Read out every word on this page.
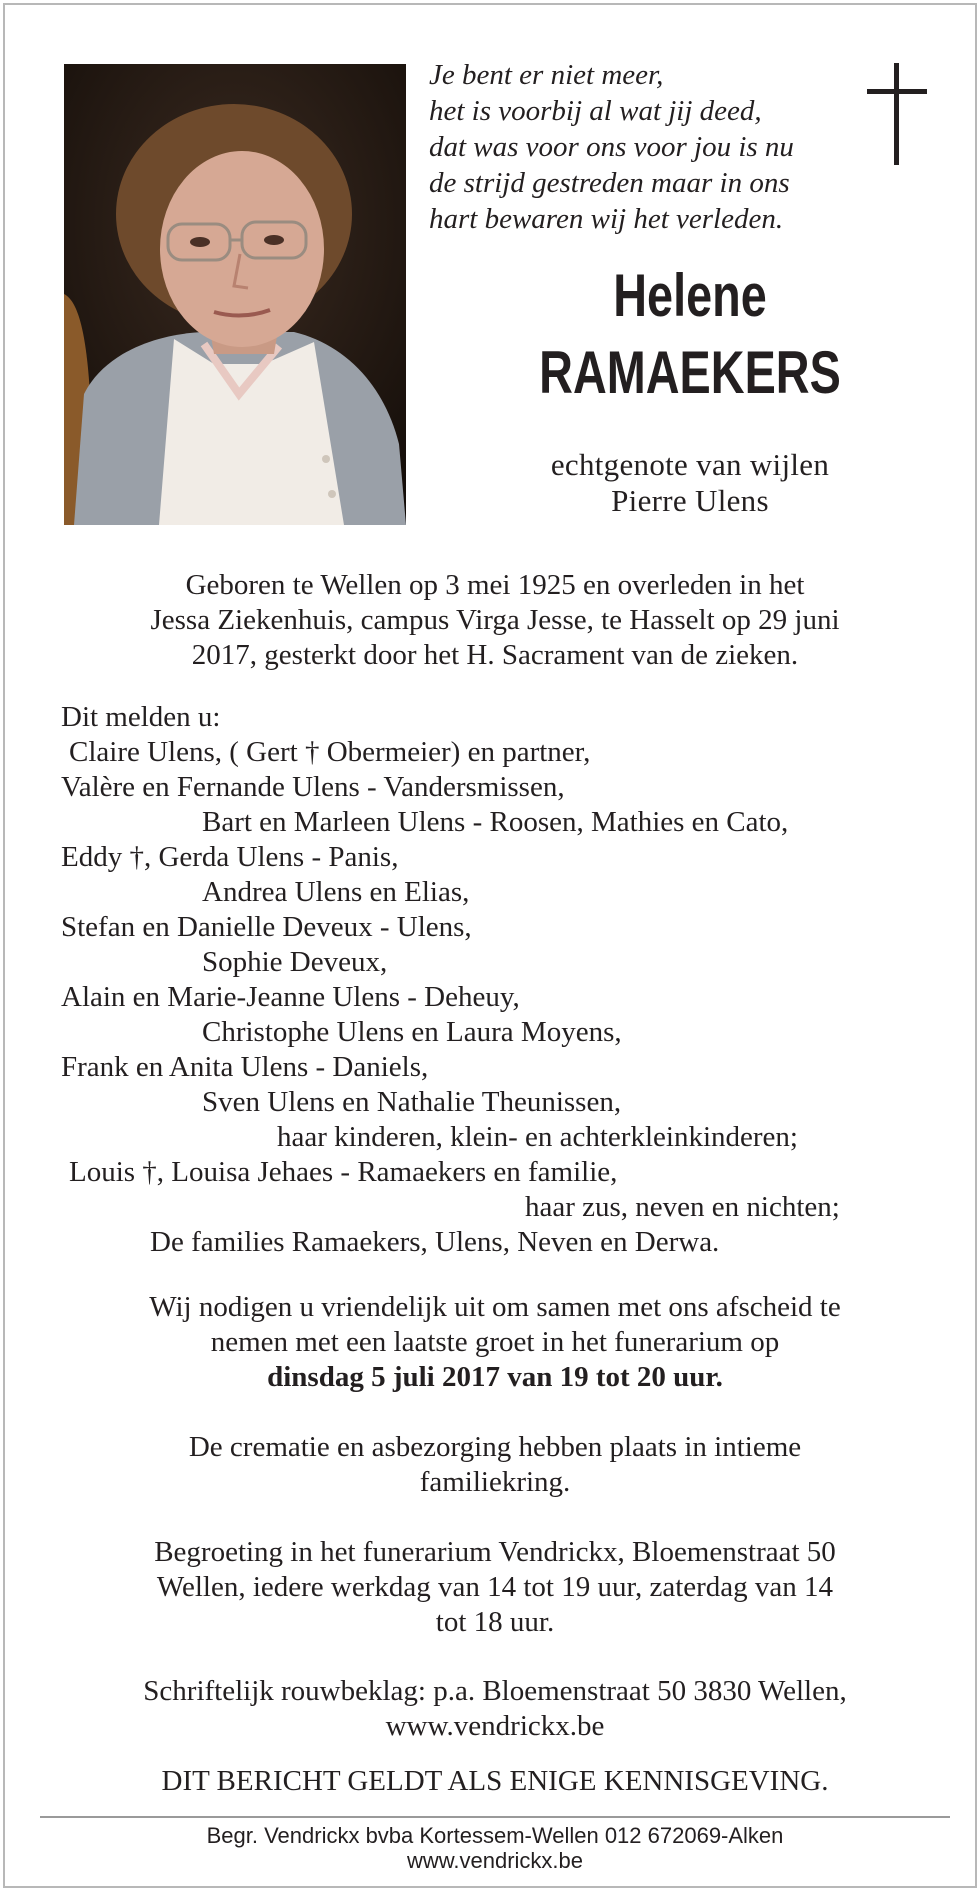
Je bent er niet meer,
het is voorbij al wat jij deed,
dat was voor ons voor jou is nu
de strijd gestreden maar in ons
hart bewaren wij het verleden.
Helene
RAMAEKERS
echtgenote van wijlen
Pierre Ulens
Geboren te Wellen op 3 mei 1925 en overleden in het
Jessa Ziekenhuis, campus Virga Jesse, te Hasselt op 29 juni
2017, gesterkt door het H. Sacrament van de zieken.
Dit melden u:
Claire Ulens, ( Gert † Obermeier) en partner,
Valère en Fernande Ulens - Vandersmissen,
Bart en Marleen Ulens - Roosen, Mathies en Cato,
Eddy †, Gerda Ulens - Panis,
Andrea Ulens en Elias,
Stefan en Danielle Deveux - Ulens,
Sophie Deveux,
Alain en Marie-Jeanne Ulens - Deheuy,
Christophe Ulens en Laura Moyens,
Frank en Anita Ulens - Daniels,
Sven Ulens en Nathalie Theunissen,
haar kinderen, klein- en achterkleinkinderen;
Louis †, Louisa Jehaes - Ramaekers en familie,
haar zus, neven en nichten;
De families Ramaekers, Ulens, Neven en Derwa.
Wij nodigen u vriendelijk uit om samen met ons afscheid te
nemen met een laatste groet in het funerarium op
dinsdag 5 juli 2017 van 19 tot 20 uur.
De crematie en asbezorging hebben plaats in intieme
familiekring.
Begroeting in het funerarium Vendrickx, Bloemenstraat 50
Wellen, iedere werkdag van 14 tot 19 uur, zaterdag van 14
tot 18 uur.
Schriftelijk rouwbeklag: p.a. Bloemenstraat 50 3830 Wellen,
www.vendrickx.be
DIT BERICHT GELDT ALS ENIGE KENNISGEVING.
Begr. Vendrickx bvba Kortessem-Wellen 012 672069-Alken
www.vendrickx.be
